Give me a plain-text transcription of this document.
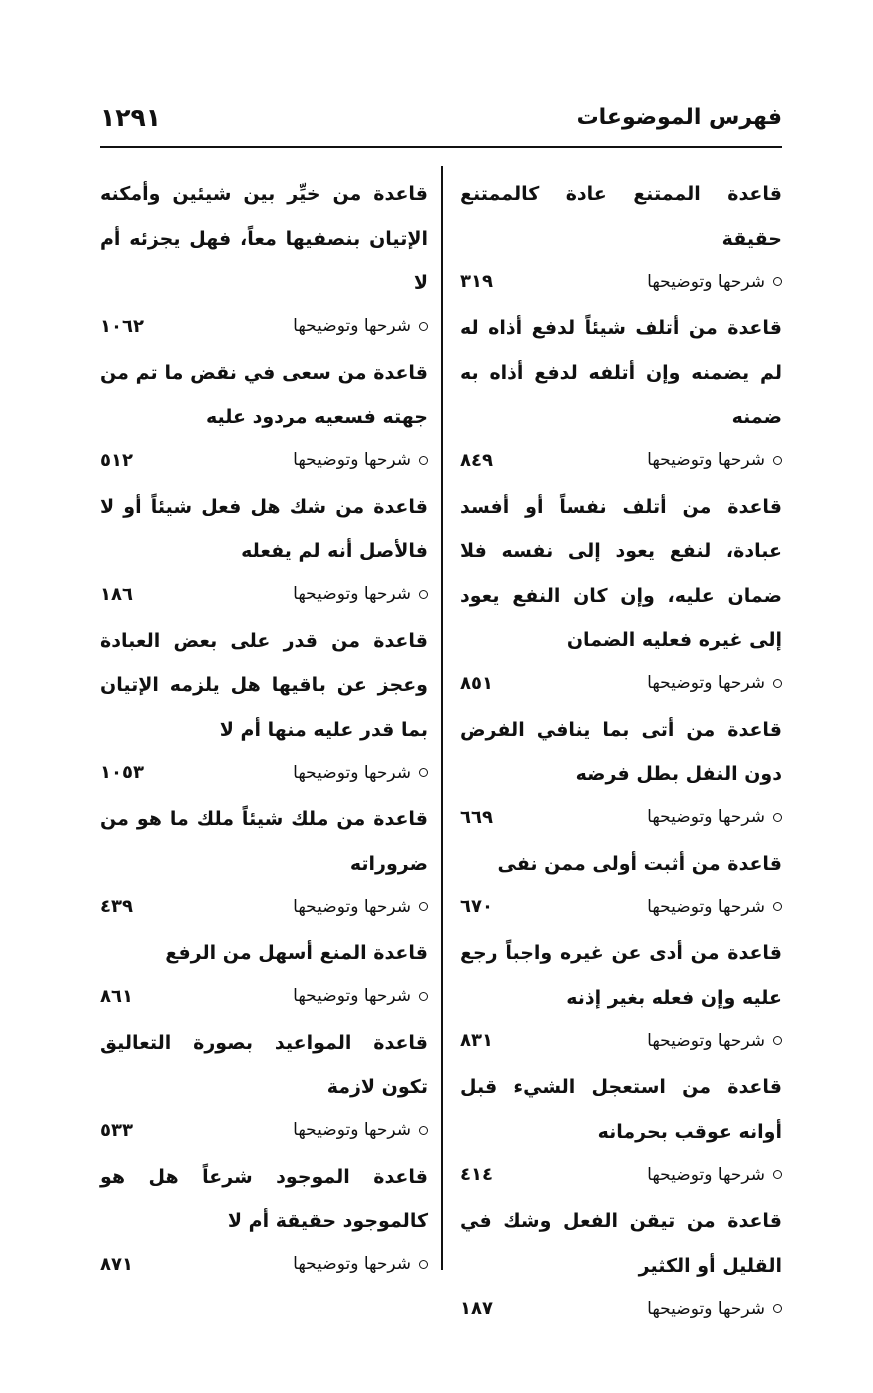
١٢٩١	فهرس الموضوعات

قاعدة الممتنع عادة كالممتنع حقيقة

شرحها وتوضيحها
٣١٩

قاعدة من أتلف شيئاً لدفع أذاه له لم يضمنه وإن أتلفه لدفع أذاه به ضمنه

شرحها وتوضيحها
٨٤٩

قاعدة من أتلف نفساً أو أفسد عبادة، لنفع يعود إلى نفسه فلا ضمان عليه، وإن كان النفع يعود إلى غيره فعليه الضمان

شرحها وتوضيحها
٨٥١

قاعدة من أتى بما ينافي الفرض دون النفل بطل فرضه

شرحها وتوضيحها
٦٦٩

قاعدة من أثبت أولى ممن نفى

شرحها وتوضيحها
٦٧٠

قاعدة من أدى عن غيره واجباً رجع عليه وإن فعله بغير إذنه

شرحها وتوضيحها
٨٣١

قاعدة من استعجل الشيء قبل أوانه عوقب بحرمانه

شرحها وتوضيحها
٤١٤

قاعدة من تيقن الفعل وشك في القليل أو الكثير

شرحها وتوضيحها
١٨٧

قاعدة من خيِّر بين شيئين وأمكنه الإتيان بنصفيها معاً، فهل يجزئه أم لا

شرحها وتوضيحها
١٠٦٢

قاعدة من سعى في نقض ما تم من جهته فسعيه مردود عليه

شرحها وتوضيحها
٥١٢

قاعدة من شك هل فعل شيئاً أو لا فالأصل أنه لم يفعله

شرحها وتوضيحها
١٨٦

قاعدة من قدر على بعض العبادة وعجز عن باقيها هل يلزمه الإتيان بما قدر عليه منها أم لا

شرحها وتوضيحها
١٠٥٣

قاعدة من ملك شيئاً ملك ما هو من ضروراته

شرحها وتوضيحها
٤٣٩

قاعدة المنع أسهل من الرفع

شرحها وتوضيحها
٨٦١

قاعدة المواعيد بصورة التعاليق تكون لازمة

شرحها وتوضيحها
٥٣٣

قاعدة الموجود شرعاً هل هو كالموجود حقيقة أم لا

شرحها وتوضيحها
٨٧١
